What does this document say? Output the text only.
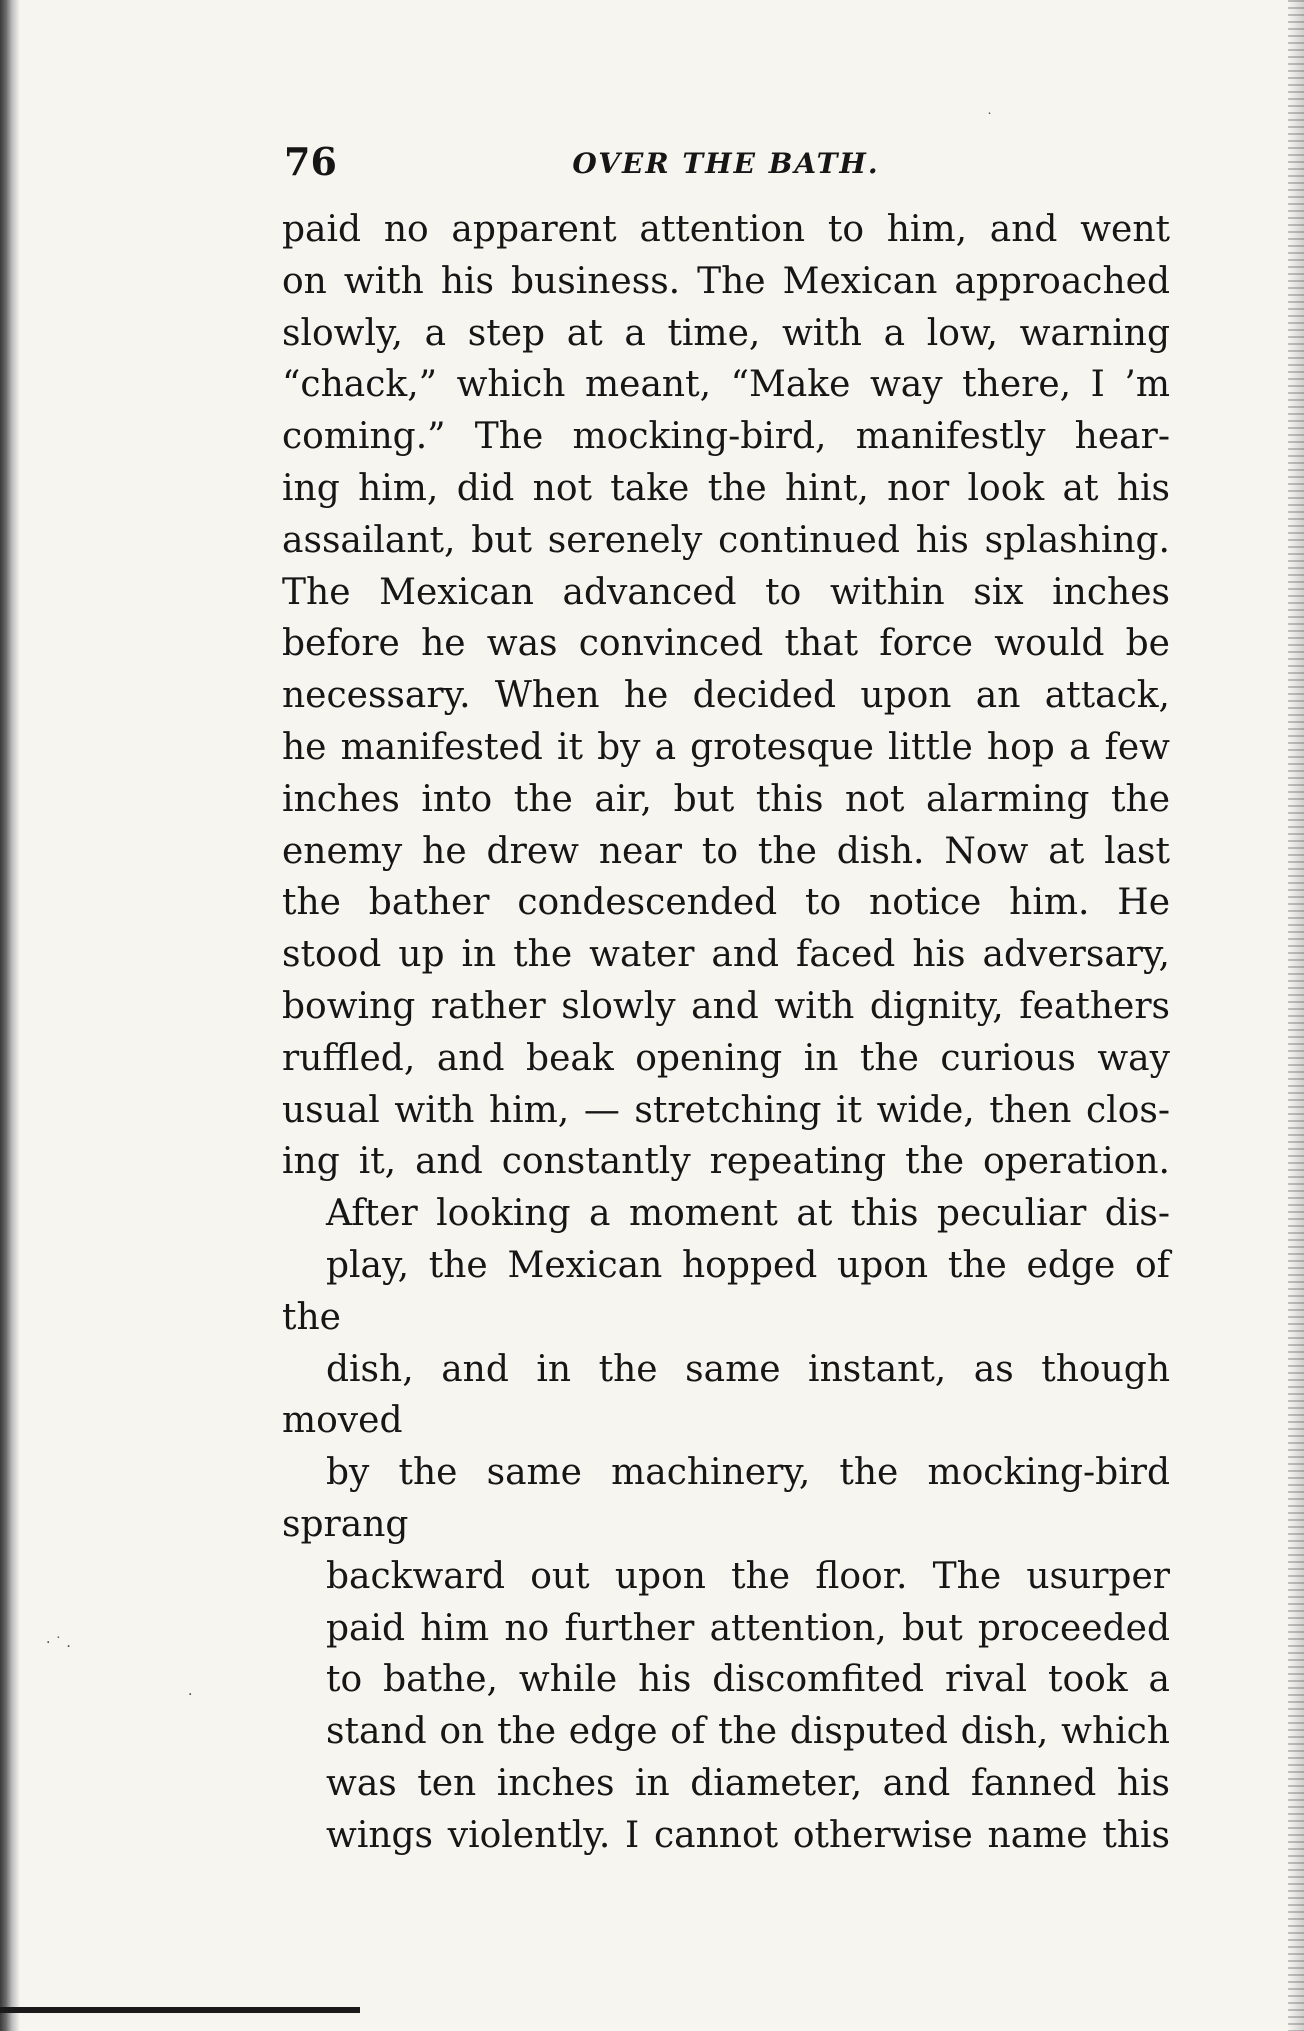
˙
· ˙ .
·
76	OVER THE BATH.

paid no apparent attention to him, and went
on with his business. The Mexican approached
slowly, a step at a time, with a low, warning
“chack,” which meant, “Make way there, I ’m
coming.” The mocking-bird, manifestly hear-
ing him, did not take the hint, nor look at his
assailant, but serenely continued his splashing.
The Mexican advanced to within six inches
before he was convinced that force would be
necessary. When he decided upon an attack,
he manifested it by a grotesque little hop a few
inches into the air, but this not alarming the
enemy he drew near to the dish. Now at last
the bather condescended to notice him. He
stood up in the water and faced his adversary,
bowing rather slowly and with dignity, feathers
ruffled, and beak opening in the curious way
usual with him, — stretching it wide, then clos-
ing it, and constantly repeating the operation.

After looking a moment at this peculiar dis-
play, the Mexican hopped upon the edge of the
dish, and in the same instant, as though moved
by the same machinery, the mocking-bird sprang
backward out upon the floor. The usurper
paid him no further attention, but proceeded
to bathe, while his discomfited rival took a
stand on the edge of the disputed dish, which
was ten inches in diameter, and fanned his
wings violently. I cannot otherwise name this
